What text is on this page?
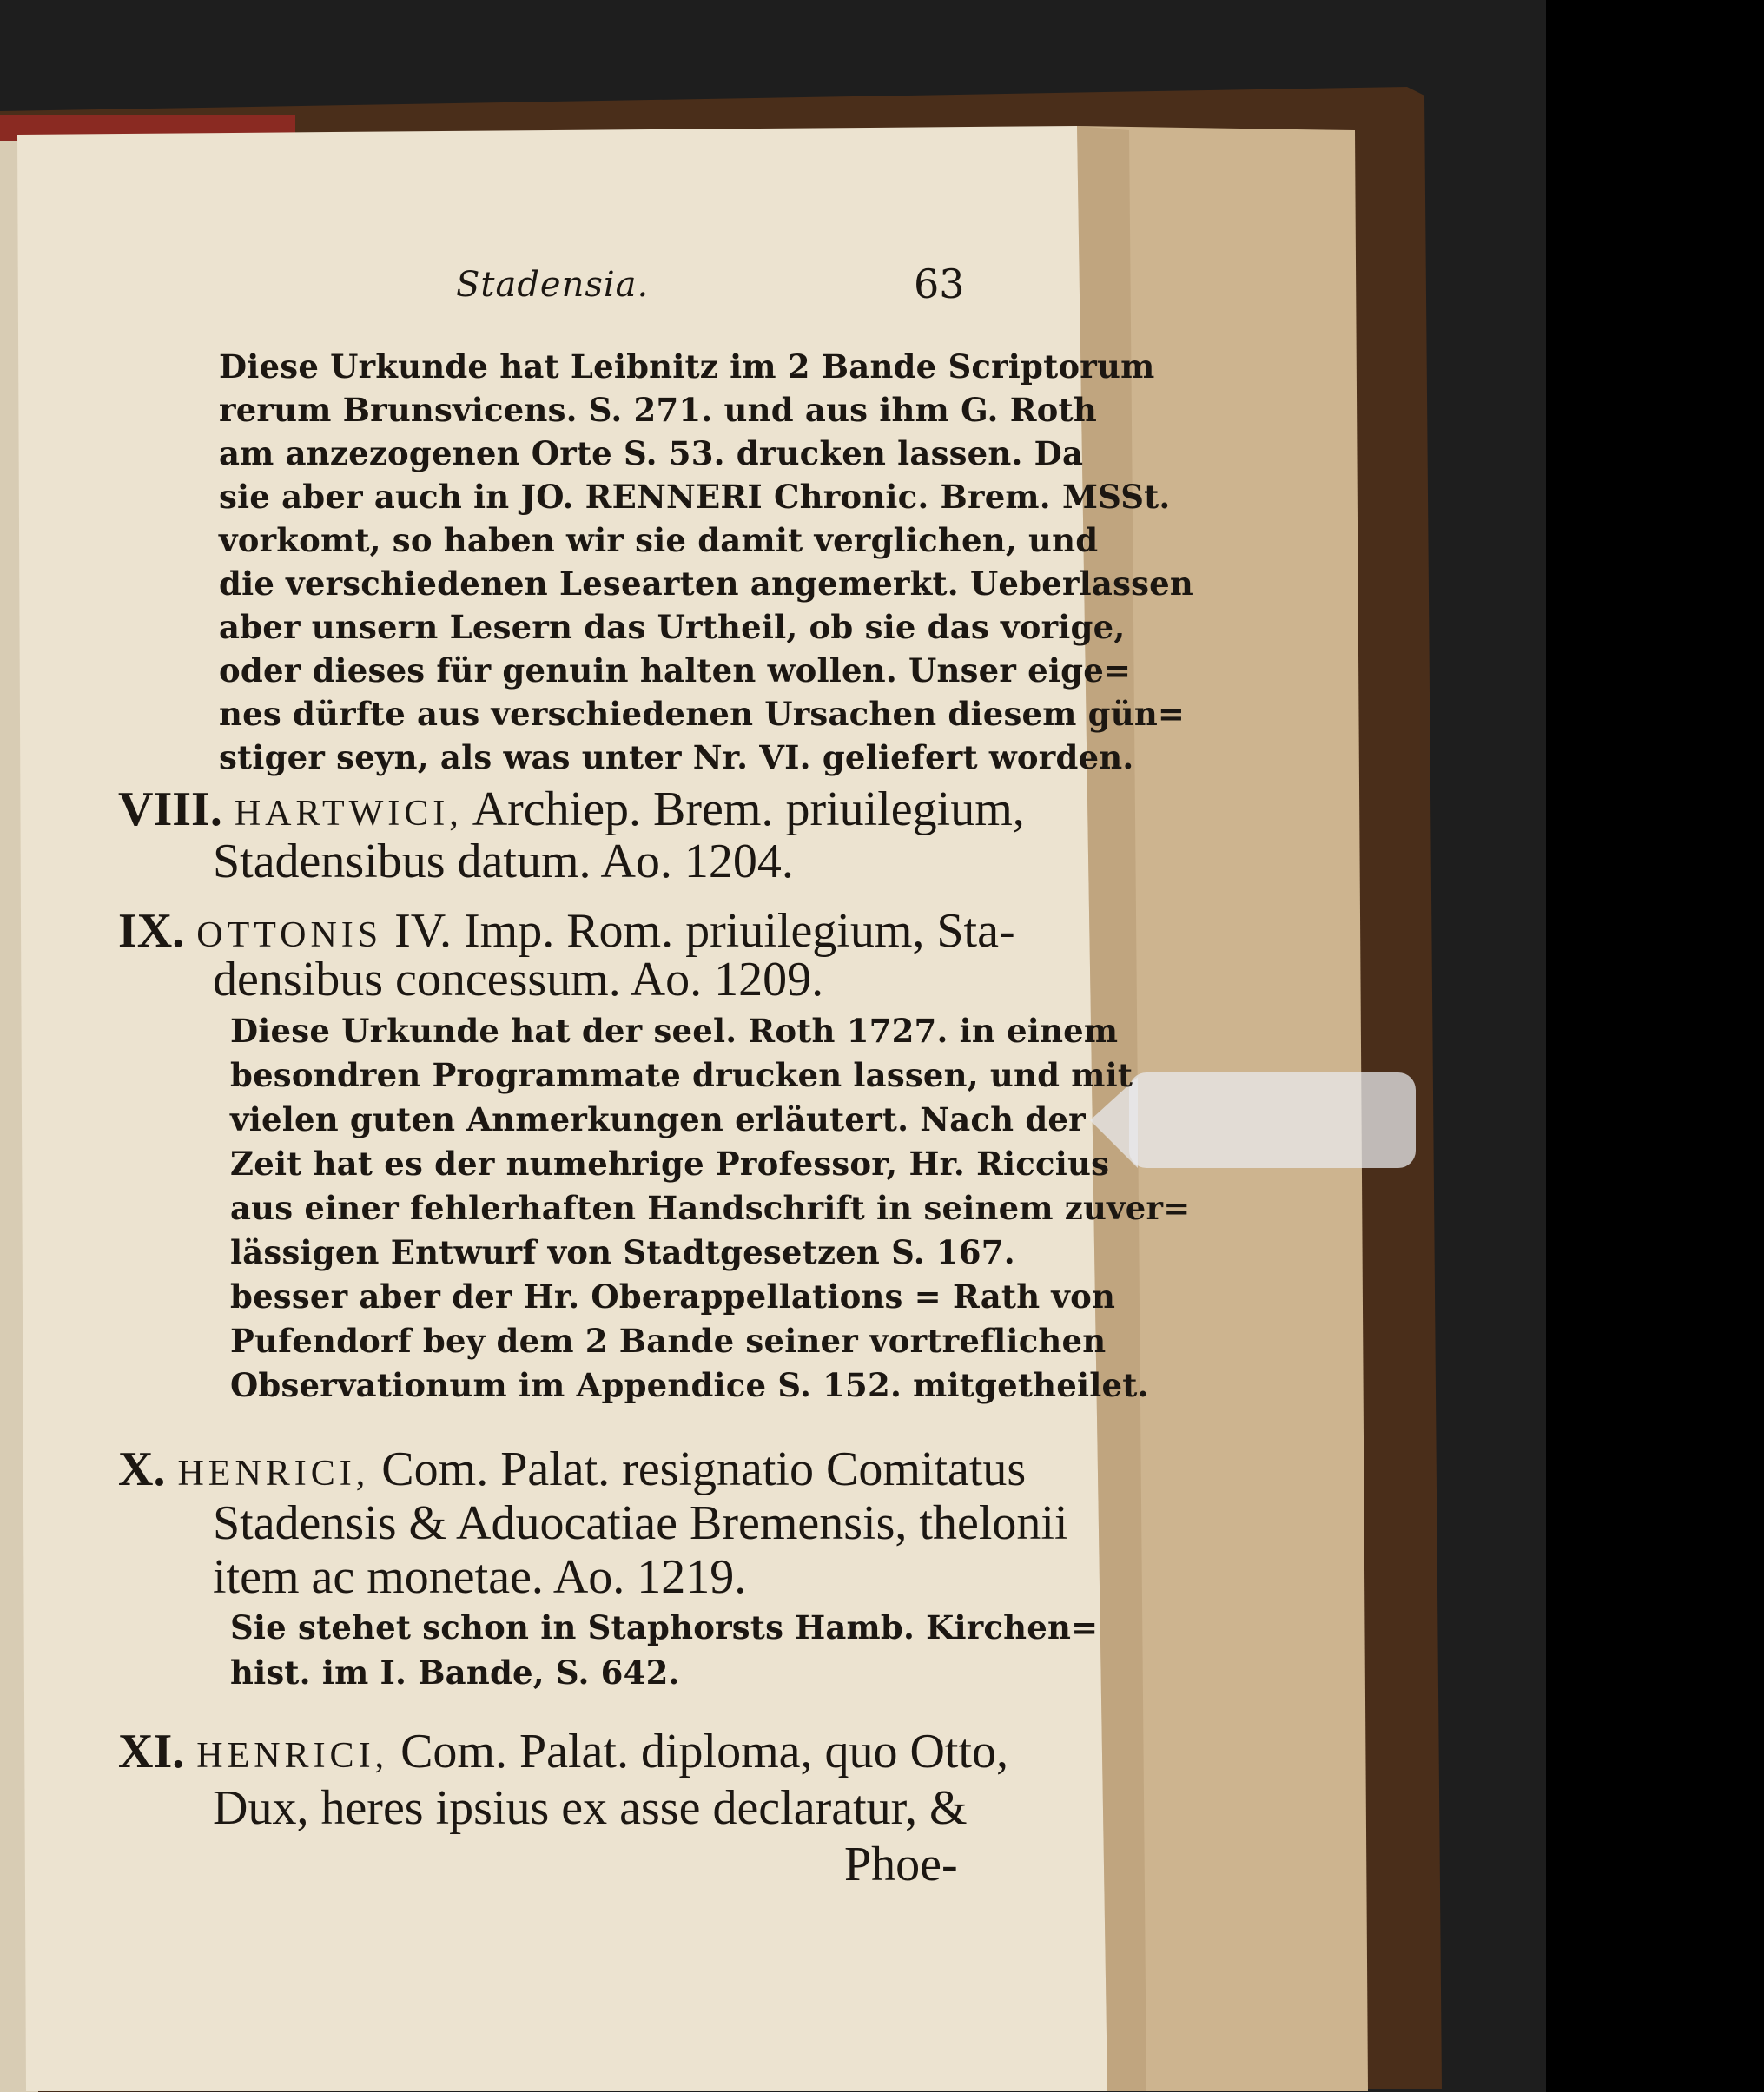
Stadensia.	63
Diese Urkunde hat Leibnitz im 2 Bande Scriptorum
rerum Brunsvicens. S. 271. und aus ihm G. Roth
am anzezogenen Orte S. 53. drucken lassen. Da
sie aber auch in JO. RENNERI Chronic. Brem. MSSt.
vorkomt, so haben wir sie damit verglichen, und
die verschiedenen Lesearten angemerkt. Ueberlassen
aber unsern Lesern das Urtheil, ob sie das vorige,
oder dieses für genuin halten wollen. Unser eige=
nes dürfte aus verschiedenen Ursachen diesem gün=
stiger seyn, als was unter Nr. VI. geliefert worden.
VIII. HARTWICI, Archiep. Brem. priuilegium,
Stadensibus datum. Ao. 1204.
IX. OTTONIS IV. Imp. Rom. priuilegium, Sta-
densibus concessum. Ao. 1209.
Diese Urkunde hat der seel. Roth 1727. in einem
besondren Programmate drucken lassen, und mit
vielen guten Anmerkungen erläutert. Nach der
Zeit hat es der numehrige Professor, Hr. Riccius
aus einer fehlerhaften Handschrift in seinem zuver=
lässigen Entwurf von Stadtgesetzen S. 167.
besser aber der Hr. Oberappellations = Rath von
Pufendorf bey dem 2 Bande seiner vortreflichen
Observationum im Appendice S. 152. mitgetheilet.
X. HENRICI, Com. Palat. resignatio Comitatus
Stadensis & Aduocatiae Bremensis, thelonii
item ac monetae. Ao. 1219.
Sie stehet schon in Staphorsts Hamb. Kirchen=
hist. im I. Bande, S. 642.
XI. HENRICI, Com. Palat. diploma, quo Otto,
Dux, heres ipsius ex asse declaratur, &
Phoe-
